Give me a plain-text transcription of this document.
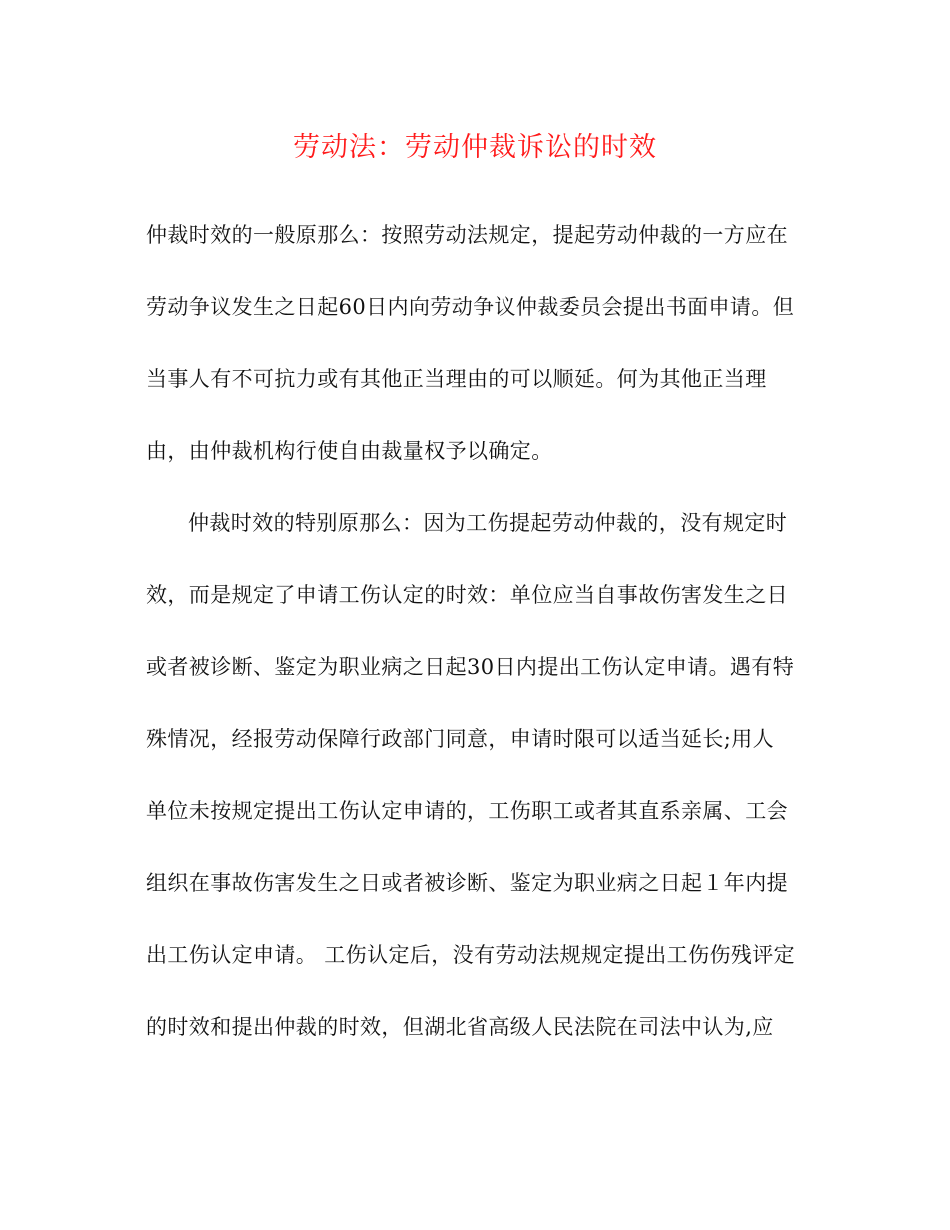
劳动法：劳动仲裁诉讼的时效
仲裁时效的一般原那么：按照劳动法规定，提起劳动仲裁的一方应在
劳动争议发生之日起60日内向劳动争议仲裁委员会提出书面申请。但
当事人有不可抗力或有其他正当理由的可以顺延。何为其他正当理
由，由仲裁机构行使自由裁量权予以确定。
仲裁时效的特别原那么：因为工伤提起劳动仲裁的，没有规定时
效，而是规定了申请工伤认定的时效：单位应当自事故伤害发生之日
或者被诊断、鉴定为职业病之日起30日内提出工伤认定申请。遇有特
殊情况，经报劳动保障行政部门同意，申请时限可以适当延长;用人
单位未按规定提出工伤认定申请的，工伤职工或者其直系亲属、工会
组织在事故伤害发生之日或者被诊断、鉴定为职业病之日起１年内提
出工伤认定申请。 工伤认定后，没有劳动法规规定提出工伤伤残评定
的时效和提出仲裁的时效，但湖北省高级人民法院在司法中认为,应
